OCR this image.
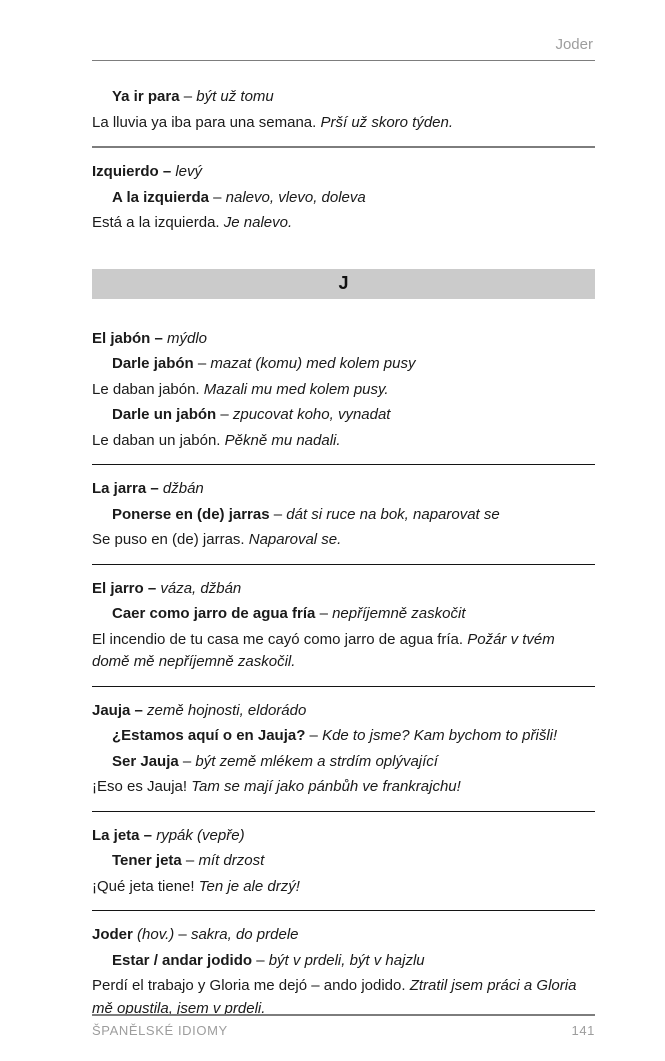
Joder

Ya ir para – být už tomu

La lluvia ya iba para una semana. Prší už skoro týden.

Izquierdo – levý

A la izquierda – nalevo, vlevo, doleva

Está a la izquierda. Je nalevo.

J

El jabón – mýdlo

Darle jabón – mazat (komu) med kolem pusy

Le daban jabón. Mazali mu med kolem pusy.

Darle un jabón – zpucovat koho, vynadat

Le daban un jabón. Pěkně mu nadali.

La jarra – džbán

Ponerse en (de) jarras – dát si ruce na bok, naparovat se

Se puso en (de) jarras. Naparoval se.

El jarro – váza, džbán

Caer como jarro de agua fría – nepříjemně zaskočit

El incendio de tu casa me cayó como jarro de agua fría. Požár v tvém domě mě nepříjemně zaskočil.

Jauja – země hojnosti, eldorádo

¿Estamos aquí o en Jauja? – Kde to jsme? Kam bychom to přišli!

Ser Jauja – být země mlékem a strdím oplývající

¡Eso es Jauja! Tam se mají jako pánbůh ve frankrajchu!

La jeta – rypák (vepře)

Tener jeta – mít drzost

¡Qué jeta tiene! Ten je ale drzý!

Joder (hov.) – sakra, do prdele

Estar / andar jodido – být v prdeli, být v hajzlu

Perdí el trabajo y Gloria me dejó – ando jodido. Ztratil jsem práci a Gloria mě opustila, jsem v prdeli.

ŠPANĚLSKÉ IDIOMY	141
